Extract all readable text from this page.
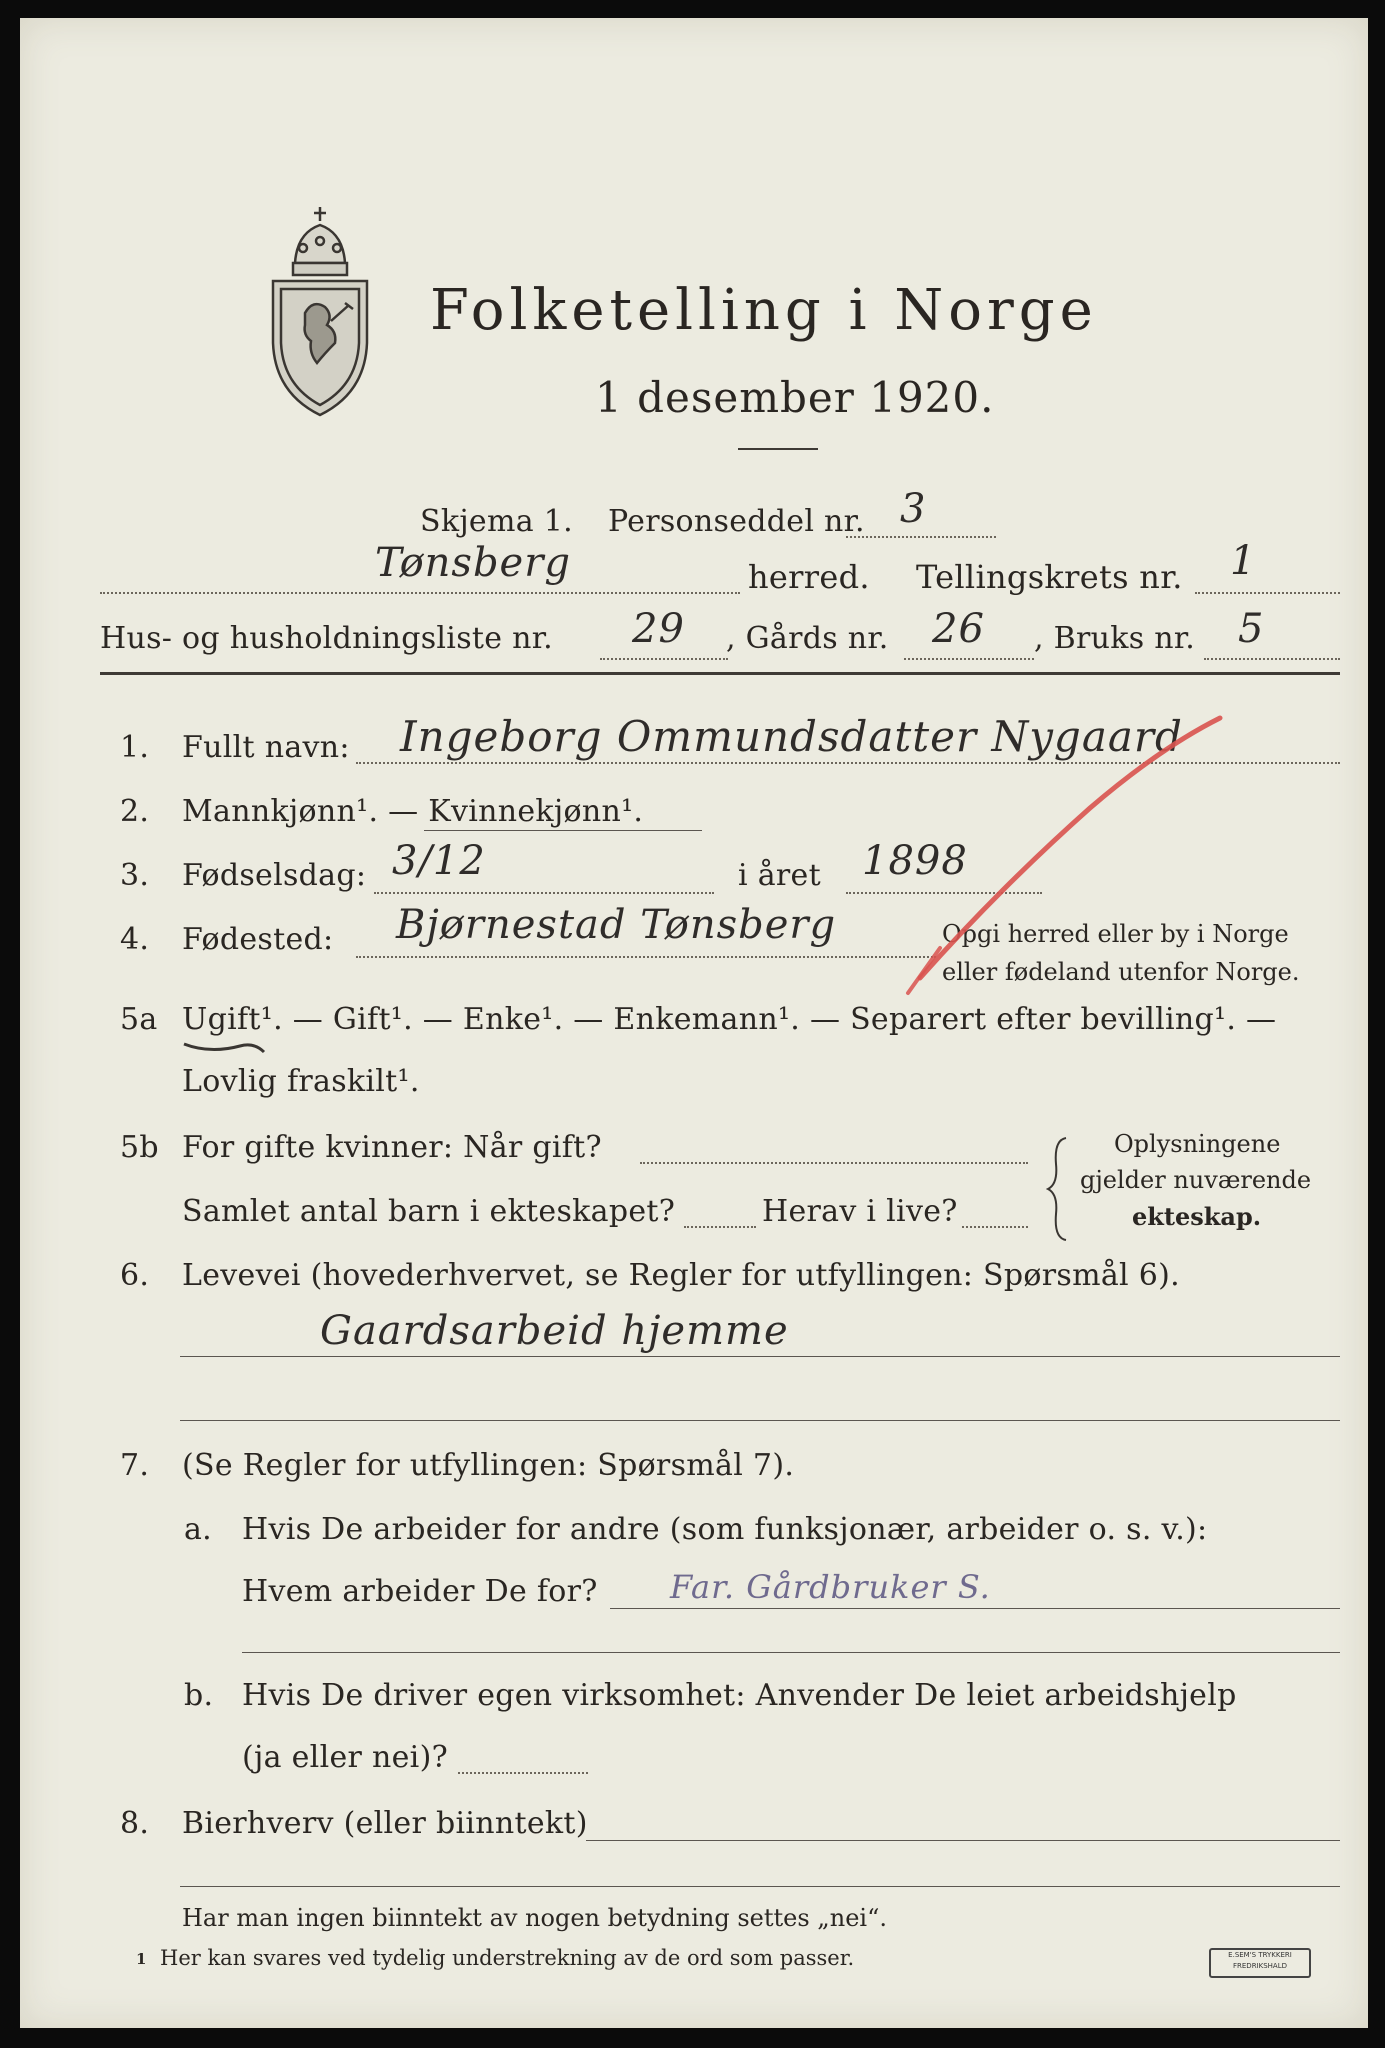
Folketelling i Norge
1 desember 1920.
Skjema 1. Personseddel nr. 3
Tønsberg	herred. Tellingskrets nr. 1
Hus- og husholdningsliste nr. 29 , Gårds nr. 26 , Bruks nr. 5
1. Fullt navn: Ingeborg Ommundsdatter Nygaard
2. Mannkjønn¹. — Kvinnekjønn¹.
3. Fødselsdag: 3/12	i året 1898
4. Fødested: Bjørnestad Tønsberg	Opgi herred eller by i Norge
eller fødeland utenfor Norge.
5a Ugift¹. — Gift¹. — Enke¹. — Enkemann¹. — Separert efter bevilling¹. —
Lovlig fraskilt¹.
5b For gifte kvinner: Når gift?
Samlet antal barn i ekteskapet?	Herav i live?
Oplysningene
gjelder nuværende
ekteskap.
6. Levevei (hovederhvervet, se Regler for utfyllingen: Spørsmål 6).
Gaardsarbeid hjemme
7. (Se Regler for utfyllingen: Spørsmål 7).
a. Hvis De arbeider for andre (som funksjonær, arbeider o. s. v.):
Hvem arbeider De for? Far. Gårdbruker S.
b. Hvis De driver egen virksomhet: Anvender De leiet arbeidshjelp
(ja eller nei)?
8. Bierhverv (eller biinntekt)
Har man ingen biinntekt av nogen betydning settes „nei“.
1 Her kan svares ved tydelig understrekning av de ord som passer.	E.SEM'S TRYKKERI
FREDRIKSHALD
